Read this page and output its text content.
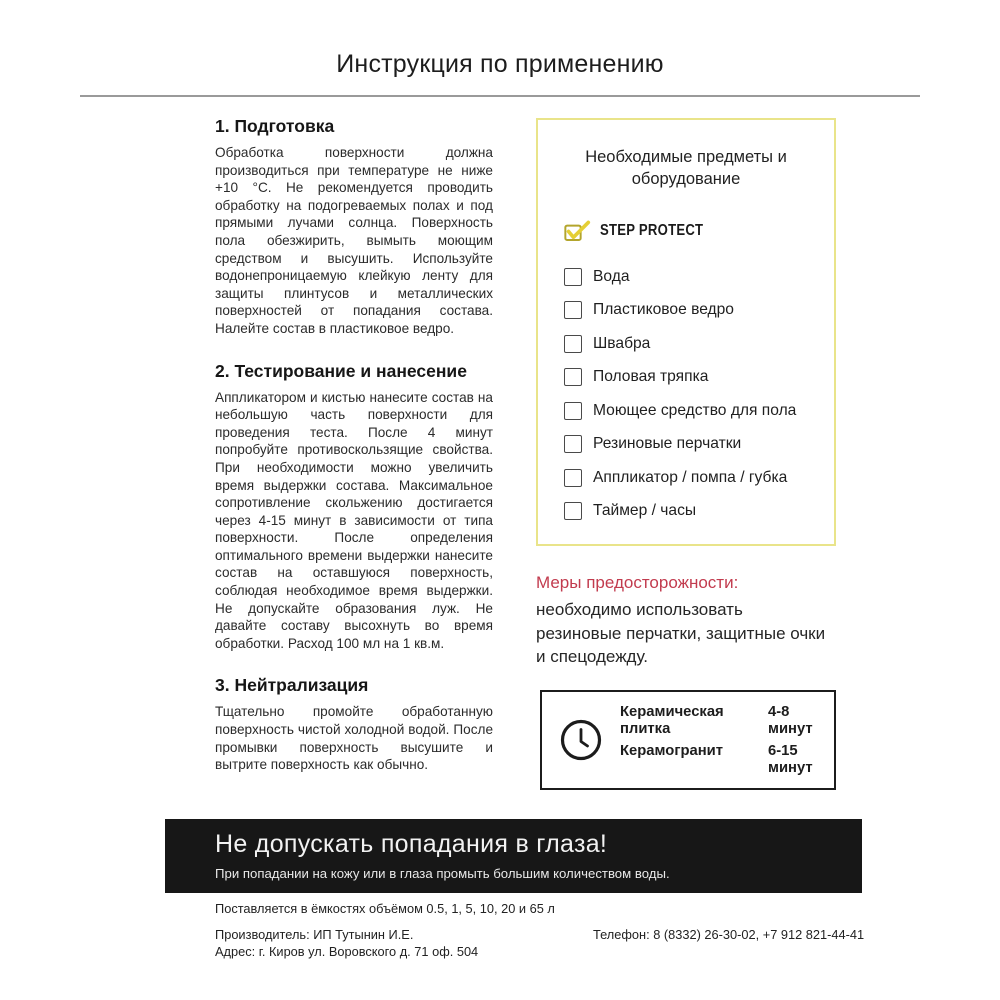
Инструкция по применению
1. Подготовка

Обработка поверхности должна производиться при температуре не ниже +10 °C. Не рекомендуется проводить обработку на подогреваемых полах и под прямыми лучами солнца. Поверхность пола обезжирить, вымыть моющим средством и высушить. Используйте водонепроницаемую клейкую ленту для защиты плинтусов и металлических поверхностей от попадания состава. Налейте состав в пластиковое ведро.

2. Тестирование и нанесение

Аппликатором и кистью нанесите состав на небольшую часть поверхности для проведения теста. После 4 минут попробуйте противоскользящие свойства. При необходимости можно увеличить время выдержки состава. Максимальное сопротивление скольжению достигается через 4-15 минут в зависимости от типа поверхности. После определения оптимального времени выдержки нанесите состав на оставшуюся поверхность, соблюдая необходимое время выдержки. Не допускайте образования луж. Не давайте составу высохнуть во время обработки. Расход 100 мл на 1 кв.м.

3. Нейтрализация

Тщательно промойте обработанную поверхность чистой холодной водой. После промывки поверхность высушите и вытрите поверхность как обычно.

Необходимые предметы и оборудование
STEP PROTECT
Вода
Пластиковое ведро
Швабра
Половая тряпка
Моющее средство для пола
Резиновые перчатки
Аппликатор / помпа / губка
Таймер / часы
Меры предосторожности:
необходимо использовать резиновые перчатки, защитные очки и спецодежду.
Керамическая плитка
4-8 минут
Керамогранит	6-15 минут
Не допускать попадания в глаза!
При попадании на кожу или в глаза промыть большим количеством воды.
Поставляется в ёмкостях объёмом 0.5, 1, 5, 10, 20 и 65 л
Производитель: ИП Тутынин И.Е.
Адрес: г. Киров ул. Воровского д. 71 оф. 504
Телефон: 8 (8332) 26-30-02, +7 912 821-44-41
